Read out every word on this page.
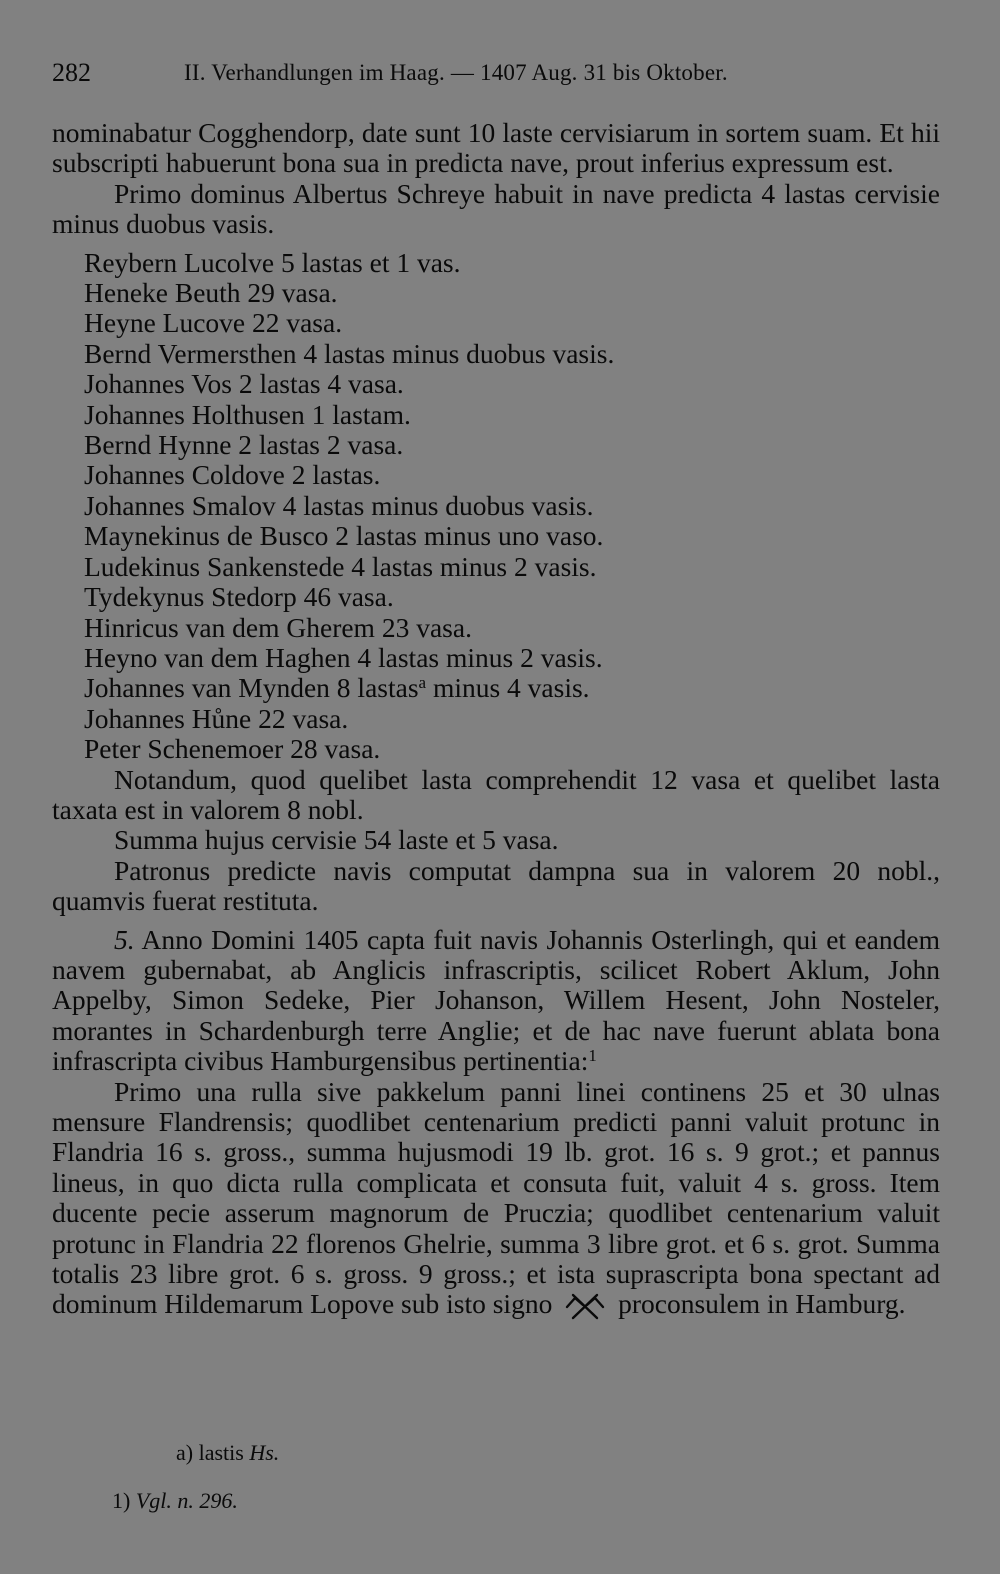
282	II. Verhandlungen im Haag. — 1407 Aug. 31 bis Oktober.

nominabatur Cogghendorp, date sunt 10 laste cervisiarum in sortem suam. Et hii subscripti habuerunt bona sua in predicta nave, prout inferius expressum est.

Primo dominus Albertus Schreye habuit in nave predicta 4 lastas cervisie minus duobus vasis.

Reybern Lucolve 5 lastas et 1 vas.

Heneke Beuth 29 vasa.

Heyne Lucove 22 vasa.

Bernd Vermersthen 4 lastas minus duobus vasis.

Johannes Vos 2 lastas 4 vasa.

Johannes Holthusen 1 lastam.

Bernd Hynne 2 lastas 2 vasa.

Johannes Coldove 2 lastas.

Johannes Smalov 4 lastas minus duobus vasis.

Maynekinus de Busco 2 lastas minus uno vaso.

Ludekinus Sankenstede 4 lastas minus 2 vasis.

Tydekynus Stedorp 46 vasa.

Hinricus van dem Gherem 23 vasa.

Heyno van dem Haghen 4 lastas minus 2 vasis.

Johannes van Mynden 8 lastas$^a$ minus 4 vasis.

Johannes Hůne 22 vasa.

Peter Schenemoer 28 vasa.

Notandum, quod quelibet lasta comprehendit 12 vasa et quelibet lasta taxata est in valorem 8 nobl.

Summa hujus cervisie 54 laste et 5 vasa.

Patronus predicte navis computat dampna sua in valorem 20 nobl., quamvis fuerat restituta.

5. Anno Domini 1405 capta fuit navis Johannis Osterlingh, qui et eandem navem gubernabat, ab Anglicis infrascriptis, scilicet Robert Aklum, John Appelby, Simon Sedeke, Pier Johanson, Willem Hesent, John Nosteler, morantes in Schardenburgh terre Anglie; et de hac nave fuerunt ablata bona infrascripta civibus Hamburgensibus pertinentia:$^1$

Primo una rulla sive pakkelum panni linei continens 25 et 30 ulnas mensure Flandrensis; quodlibet centenarium predicti panni valuit protunc in Flandria 16 s. gross., summa hujusmodi 19 lb. grot. 16 s. 9 grot.; et pannus lineus, in quo dicta rulla complicata et consuta fuit, valuit 4 s. gross. Item ducente pecie asserum magnorum de Pruczia; quodlibet centenarium valuit protunc in Flandria 22 florenos Ghelrie, summa 3 libre grot. et 6 s. grot. Summa totalis 23 libre grot. 6 s. gross. 9 gross.; et ista suprascripta bona spectant ad dominum Hildemarum Lopove sub isto signo proconsulem in Hamburg.

a) lastis Hs.
1) Vgl. n. 296.
